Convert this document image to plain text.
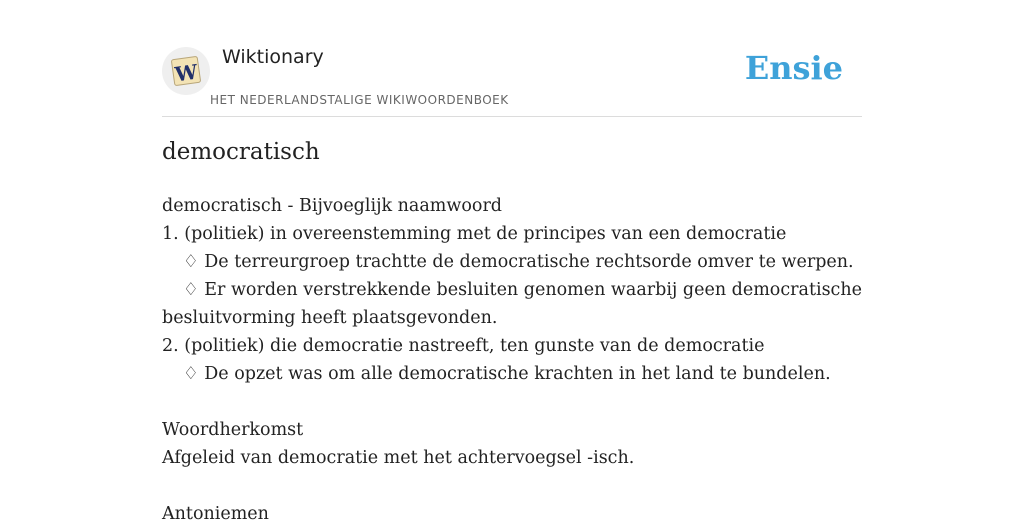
W
Wiktionary
HET NEDERLANDSTALIGE WIKIWOORDENBOEK
Ensie
democratisch
democratisch - Bijvoeglijk naamwoord
1. (politiek) in overeenstemming met de principes van een democratie
♢ De terreurgroep trachtte de democratische rechtsorde omver te werpen.
♢ Er worden verstrekkende besluiten genomen waarbij geen democratische besluitvorming heeft plaatsgevonden.
2. (politiek) die democratie nastreeft, ten gunste van de democratie
♢ De opzet was om alle democratische krachten in het land te bundelen.
Woordherkomst
Afgeleid van democratie met het achtervoegsel -isch.
Antoniemen
